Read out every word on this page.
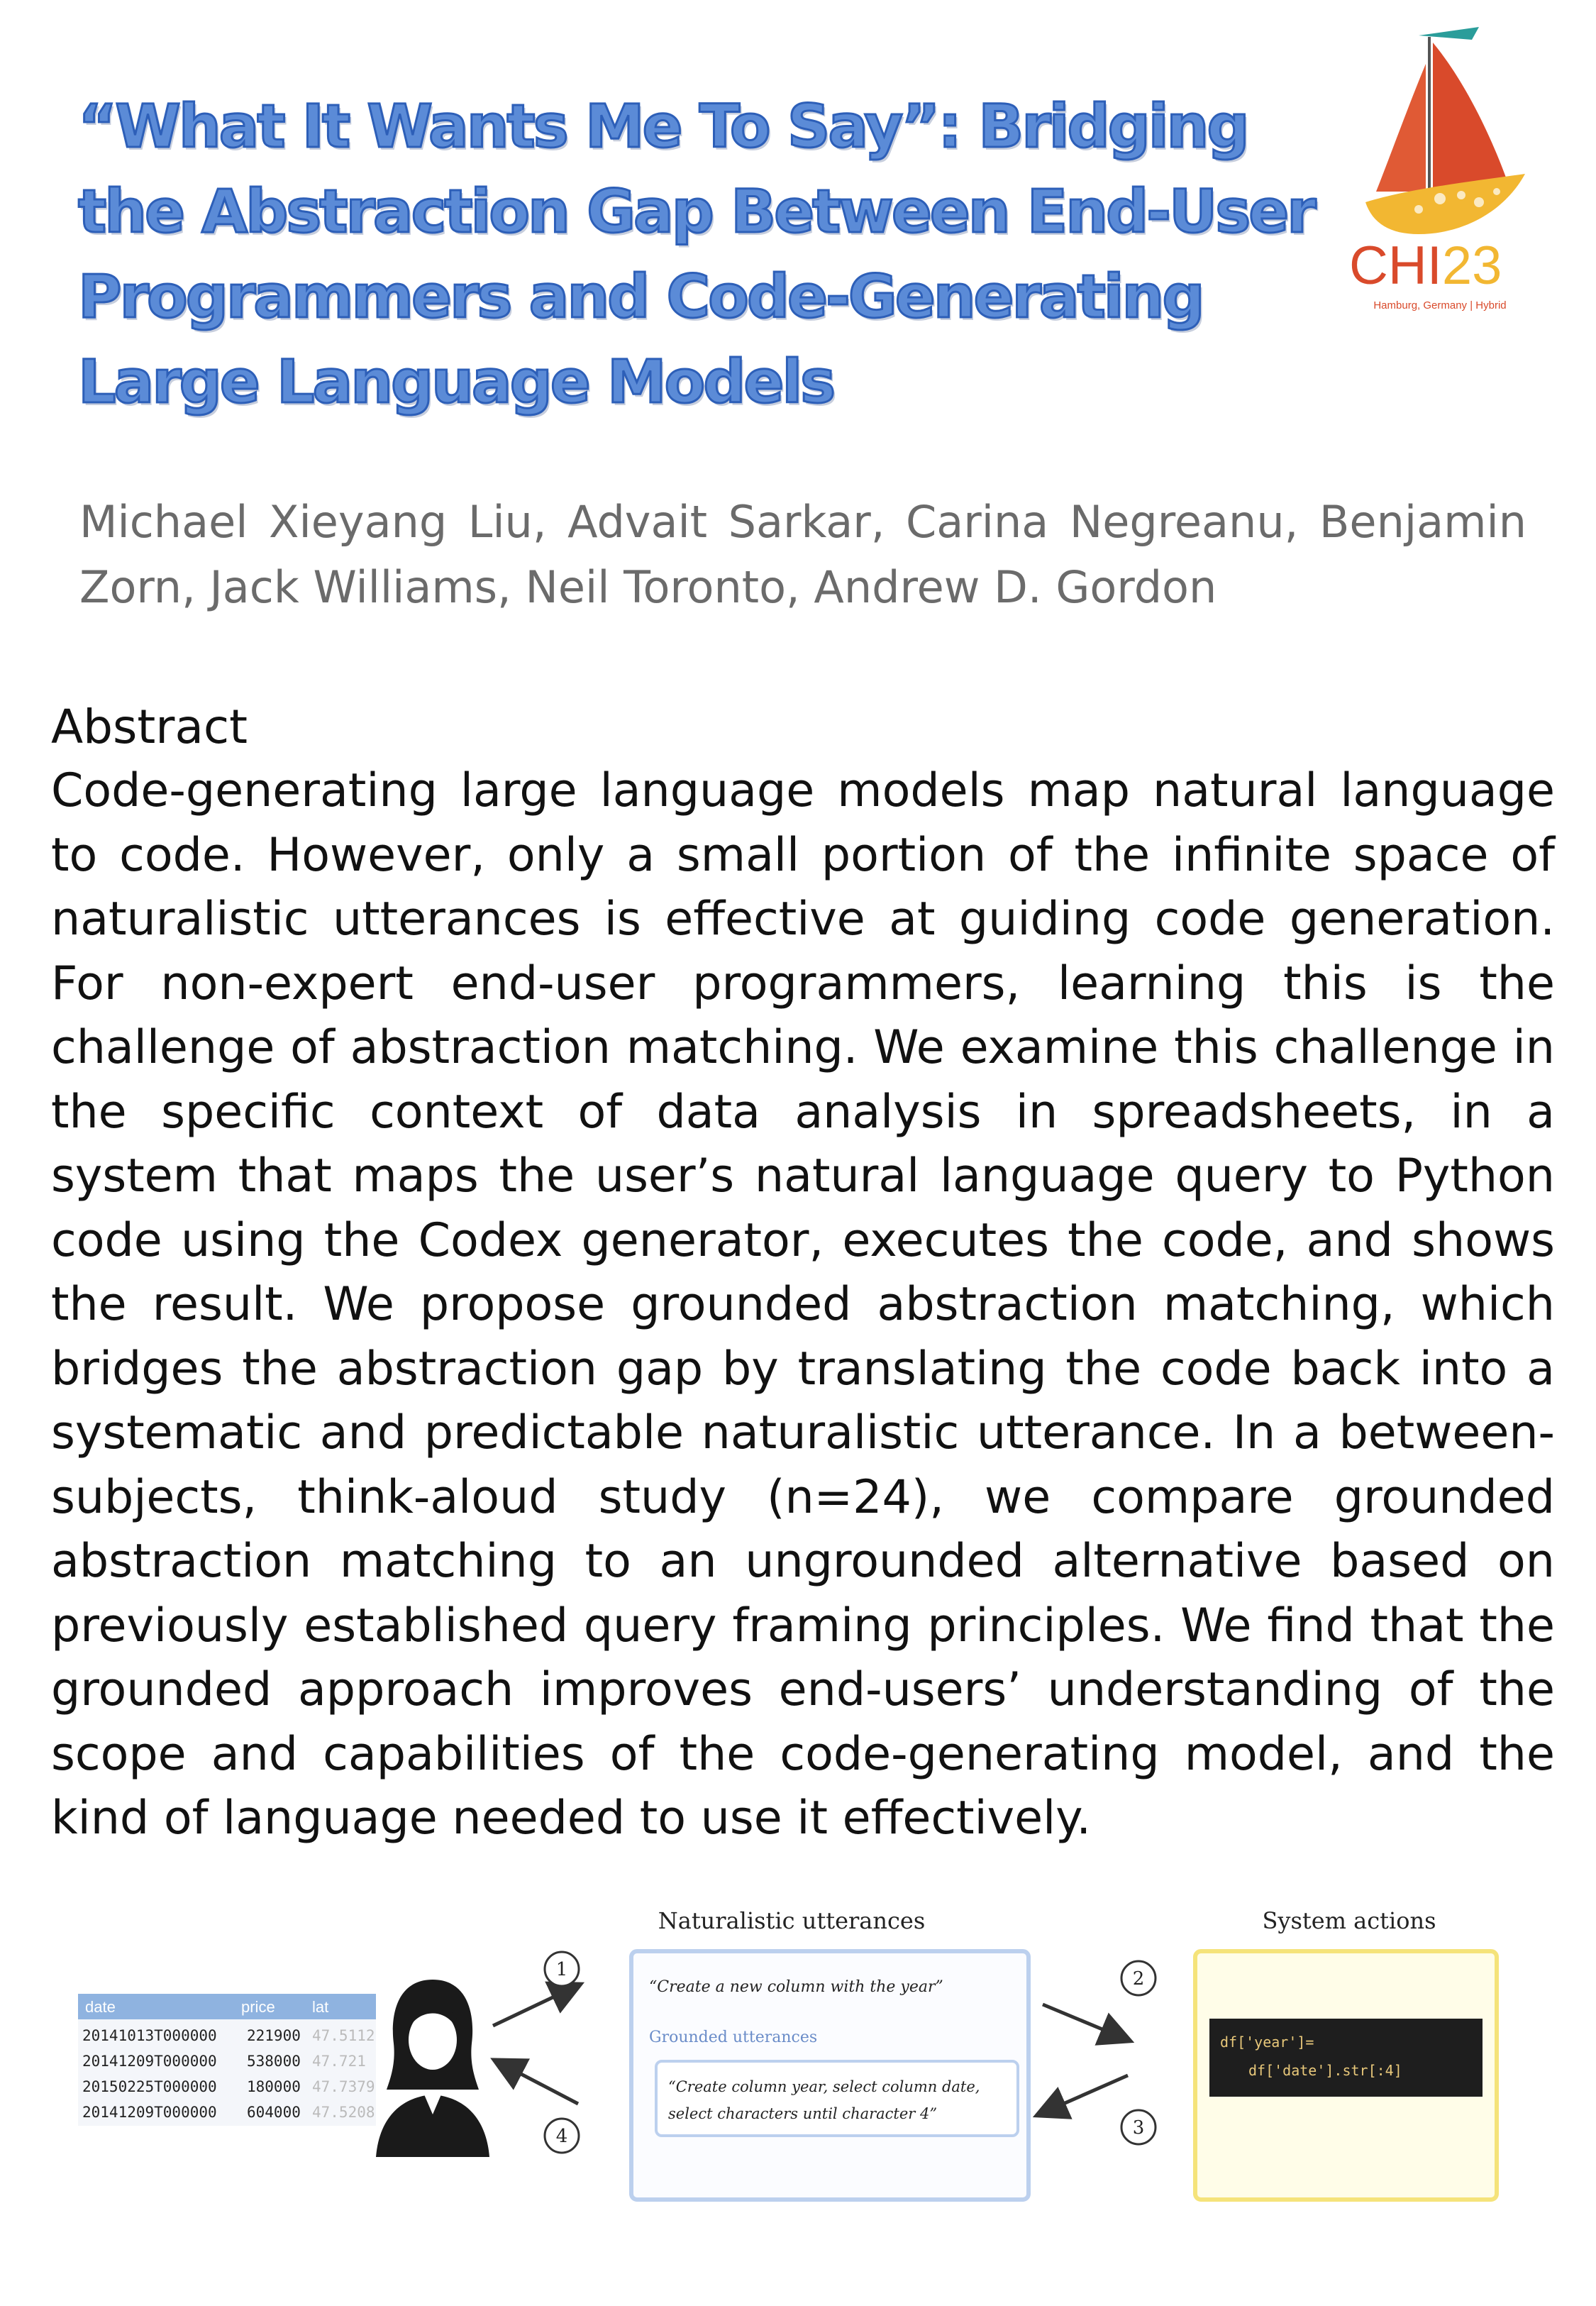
“What It Wants Me To Say”: Bridging the Abstraction Gap Between End-User Programmers and Code-Generating Large Language Models
CHI23
Hamburg, Germany | Hybrid
Michael Xieyang Liu, Advait Sarkar, Carina Negreanu, Benjamin Zorn, Jack Williams, Neil Toronto, Andrew D. Gordon
Abstract
Code-generating large language models map natural language to code. However, only a small portion of the infinite space of naturalistic utterances is effective at guiding code generation. For non-expert end-user programmers, learning this is the challenge of abstraction matching. We examine this challenge in the specific context of data analysis in spreadsheets, in a system that maps the user’s natural language query to Python code using the Codex generator, executes the code, and shows the result. We propose grounded abstraction matching, which bridges the abstraction gap by translating the code back into a systematic and predictable naturalistic utterance. In a between-subjects, think-aloud study (n=24), we compare grounded abstraction matching to an ungrounded alternative based on previously established query framing principles. We find that the grounded approach improves end-users’ understanding of the scope and capabilities of the code-generating model, and the kind of language needed to use it effectively.
date	price lat
20141013T000000 221900 47.5112
20141209T000000 538000 47.721
20150225T000000 180000 47.7379
20141209T000000 604000 47.5208
1
4
Naturalistic utterances
“Create a new column with the year”
Grounded utterances
“Create column year, select column date,
select characters until character 4”
2
3
System actions
df['year']=
df['date'].str[:4]
